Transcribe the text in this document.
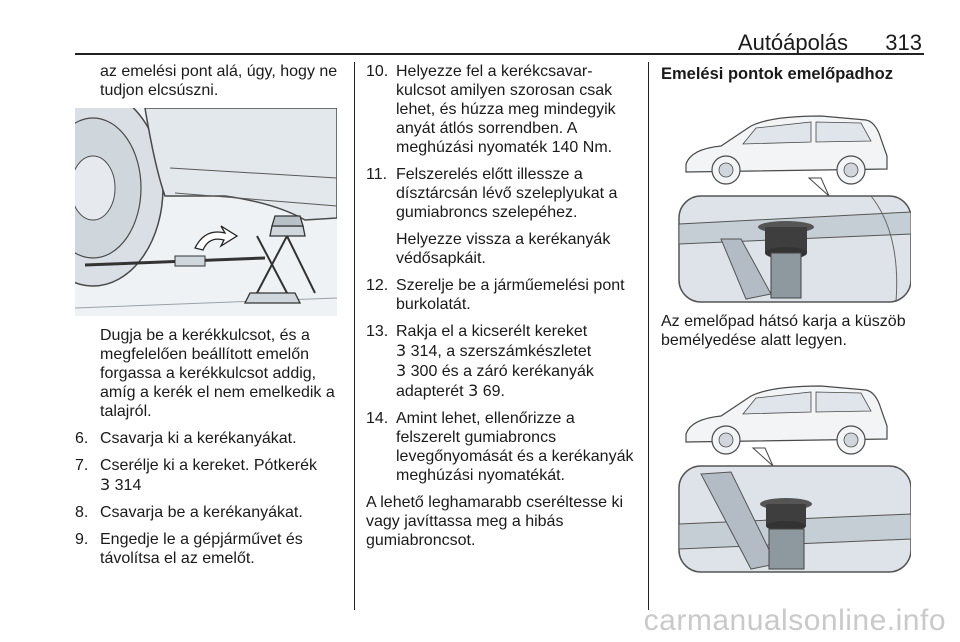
Autóápolás 313

az emelési pont alá, úgy, hogy ne tudjon elcsúszni.

Dugja be a kerékkulcsot, és a megfelelően beállított emelőn forgassa a kerékkulcsot addig, amíg a kerék el nem emelkedik a talajról.

6. Csavarja ki a kerékanyákat.
7. Cserélje ki a kereket. Pótkerék
3 314
8. Csavarja be a kerékanyákat.
9. Engedje le a gépjárművet és távolítsa el az emelőt.
10. Helyezze fel a kerékcsavar-kulcsot amilyen szorosan csak lehet, és húzza meg mindegyik anyát átlós sorrendben. A meghúzási nyomaték 140 Nm.
11. Felszerelés előtt illessze a dísztárcsán lévő szeleplyukat a gumiabroncs szelepéhez.
Helyezze vissza a kerékanyák védősapkáit.
12. Szerelje be a járműemelési pont burkolatát.
13. Rakja el a kicserélt kereket
3 314, a szerszámkészletet
3 300 és a záró kerékanyák adapterét 3 69.
14. Amint lehet, ellenőrizze a felszerelt gumiabroncs levegőnyomását és a kerékanyák meghúzási nyomatékát.

A lehető leghamarabb cseréltesse ki vagy javíttassa meg a hibás gumiabroncsot.

Emelési pontok emelőpadhoz

Az emelőpad hátsó karja a küszöb bemélyedése alatt legyen.

carmanualsonline.info
